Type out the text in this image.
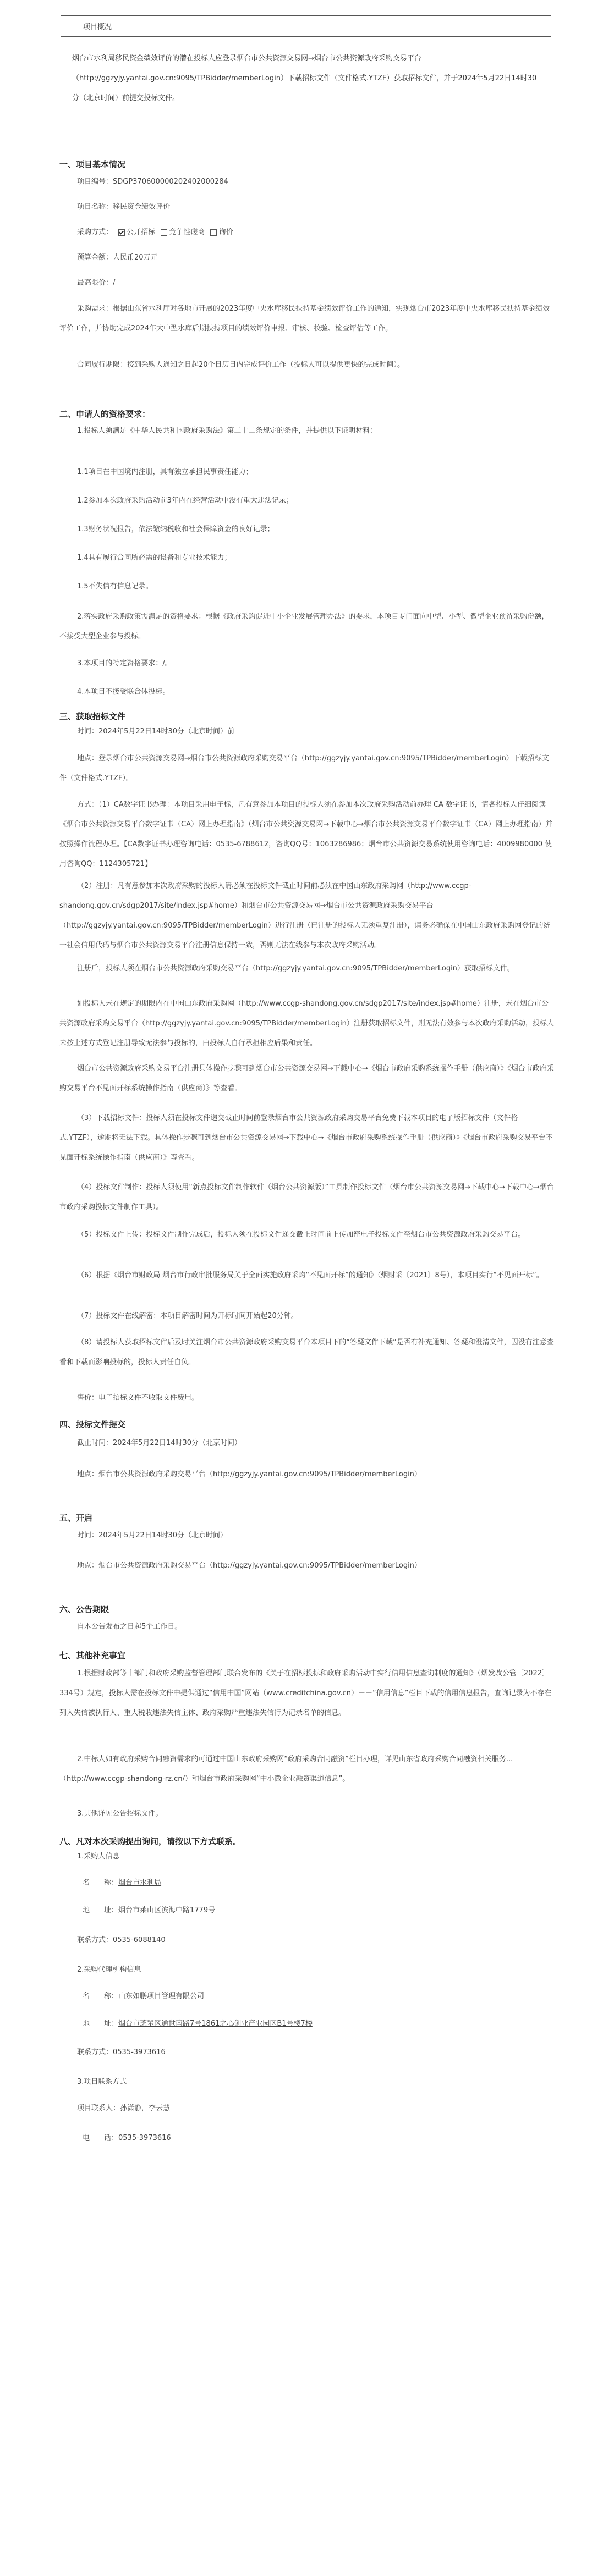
项目概况

烟台市水利局移民资金绩效评价的潜在投标人应登录烟台市公共资源交易网→烟台市公共资源政府采购交易平台（http://ggzyjy.yantai.gov.cn:9095/TPBidder/memberLogin）下载招标文件（文件格式.YTZF）获取招标文件，并于2024年5月22日14时30分（北京时间）前提交投标文件。

一、项目基本情况
项目编号：SDGP370600000202402000284
项目名称：移民资金绩效评价
采购方式： 公开招标 竞争性磋商 询价
预算金额：人民币20万元
最高限价：/
采购需求：根据山东省水利厅对各地市开展的2023年度中央水库移民扶持基金绩效评价工作的通知，实现烟台市2023年度中央水库移民扶持基金绩效评价工作，并协助完成2024年大中型水库后期扶持项目的绩效评价申报、审核、校验、检查评估等工作。
合同履行期限：接到采购人通知之日起20个日历日内完成评价工作（投标人可以提供更快的完成时间）。
二、申请人的资格要求：
1.投标人须满足《中华人民共和国政府采购法》第二十二条规定的条件，并提供以下证明材料：
1.1项目在中国境内注册，具有独立承担民事责任能力；
1.2参加本次政府采购活动前3年内在经营活动中没有重大违法记录；
1.3财务状况报告，依法缴纳税收和社会保障资金的良好记录；
1.4具有履行合同所必需的设备和专业技术能力；
1.5不失信有信息记录。
2.落实政府采购政策需满足的资格要求：根据《政府采购促进中小企业发展管理办法》的要求，本项目专门面向中型、小型、微型企业预留采购份额，不接受大型企业参与投标。
3.本项目的特定资格要求：/。
4.本项目不接受联合体投标。
三、获取招标文件
时间：2024年5月22日14时30分（北京时间）前
地点：登录烟台市公共资源交易网→烟台市公共资源政府采购交易平台（http://ggzyjy.yantai.gov.cn:9095/TPBidder/memberLogin）下载招标文件（文件格式.YTZF）。
方式：（1）CA数字证书办理：本项目采用电子标，凡有意参加本项目的投标人须在参加本次政府采购活动前办理 CA 数字证书，请各投标人仔细阅读《烟台市公共资源交易平台数字证书（CA）网上办理指南》（烟台市公共资源交易网→下载中心→烟台市公共资源交易平台数字证书（CA）网上办理指南）并按照操作流程办理。【CA数字证书办理咨询电话：0535-6788612，咨询QQ号：1063286986；烟台市公共资源交易系统使用咨询电话：4009980000 使用咨询QQ：1124305721】
（2）注册：凡有意参加本次政府采购的投标人请必须在投标文件截止时间前必须在中国山东政府采购网（http://www.ccgp-shandong.gov.cn/sdgp2017/site/index.jsp#home）和烟台市公共资源交易网→烟台市公共资源政府采购交易平台（http://ggzyjy.yantai.gov.cn:9095/TPBidder/memberLogin）进行注册（已注册的投标人无须重复注册），请务必确保在中国山东政府采购网登记的统一社会信用代码与烟台市公共资源交易平台注册信息保持一致，否则无法在线参与本次政府采购活动。
注册后，投标人须在烟台市公共资源政府采购交易平台（http://ggzyjy.yantai.gov.cn:9095/TPBidder/memberLogin）获取招标文件。
如投标人未在规定的期限内在中国山东政府采购网（http://www.ccgp-shandong.gov.cn/sdgp2017/site/index.jsp#home）注册，未在烟台市公共资源政府采购交易平台（http://ggzyjy.yantai.gov.cn:9095/TPBidder/memberLogin）注册获取招标文件，则无法有效参与本次政府采购活动，投标人未按上述方式登记注册导致无法参与投标的，由投标人自行承担相应后果和责任。
烟台市公共资源政府采购交易平台注册具体操作步骤可到烟台市公共资源交易网→下载中心→《烟台市政府采购系统操作手册（供应商）》《烟台市政府采购交易平台不见面开标系统操作指南（供应商）》等查看。
（3）下载招标文件：投标人须在投标文件递交截止时间前登录烟台市公共资源政府采购交易平台免费下载本项目的电子版招标文件（文件格式.YTZF），逾期将无法下载。具体操作步骤可到烟台市公共资源交易网→下载中心→《烟台市政府采购系统操作手册（供应商）》《烟台市政府采购交易平台不见面开标系统操作指南（供应商）》等查看。
（4）投标文件制作：投标人须使用“新点投标文件制作软件（烟台公共资源版）”工具制作投标文件（烟台市公共资源交易网→下载中心→下载中心→烟台市政府采购投标文件制作工具）。
（5）投标文件上传：投标文件制作完成后，投标人须在投标文件递交截止时间前上传加密电子投标文件至烟台市公共资源政府采购交易平台。
（6）根据《烟台市财政局 烟台市行政审批服务局关于全面实施政府采购“不见面开标”的通知》（烟财采〔2021〕8号），本项目实行“不见面开标”。
（7）投标文件在线解密：本项目解密时间为开标时间开始起20分钟。
（8）请投标人获取招标文件后及时关注烟台市公共资源政府采购交易平台本项目下的“答疑文件下载”是否有补充通知、答疑和澄清文件，因没有注意查看和下载而影响投标的，投标人责任自负。
售价：电子招标文件不收取文件费用。
四、投标文件提交
截止时间：2024年5月22日14时30分（北京时间）
地点：烟台市公共资源政府采购交易平台（http://ggzyjy.yantai.gov.cn:9095/TPBidder/memberLogin）
五、开启
时间：2024年5月22日14时30分（北京时间）
地点：烟台市公共资源政府采购交易平台（http://ggzyjy.yantai.gov.cn:9095/TPBidder/memberLogin）
六、公告期限
自本公告发布之日起5个工作日。
七、其他补充事宜
1.根据财政部等十部门和政府采购监督管理部门联合发布的《关于在招标投标和政府采购活动中实行信用信息查询制度的通知》（烟发改公管〔2022〕334号）规定，投标人需在投标文件中提供通过“信用中国”网站（www.creditchina.gov.cn）－－“信用信息”栏目下载的信用信息报告，查询记录为不存在列入失信被执行人、重大税收违法失信主体、政府采购严重违法失信行为记录名单的信息。
2.中标人如有政府采购合同融资需求的可通过中国山东政府采购网“政府采购合同融资”栏目办理，详见山东省政府采购合同融资相关服务...（http://www.ccgp-shandong-rz.cn/）和烟台市政府采购网“中小微企业融资渠道信息”。
3.其他详见公告招标文件。
八、凡对本次采购提出询问，请按以下方式联系。
1.采购人信息
名　　称：烟台市水利局
地　　址：烟台市莱山区滨海中路1779号
联系方式：0535-6088140
2.采购代理机构信息
名　　称：山东如鹏项目管理有限公司
地　　址：烟台市芝罘区通世南路7号1861之心创业产业园区B1号楼7楼
联系方式：0535-3973616
3.项目联系方式
项目联系人：孙潇静，李云慧
电　　话：0535-3973616
